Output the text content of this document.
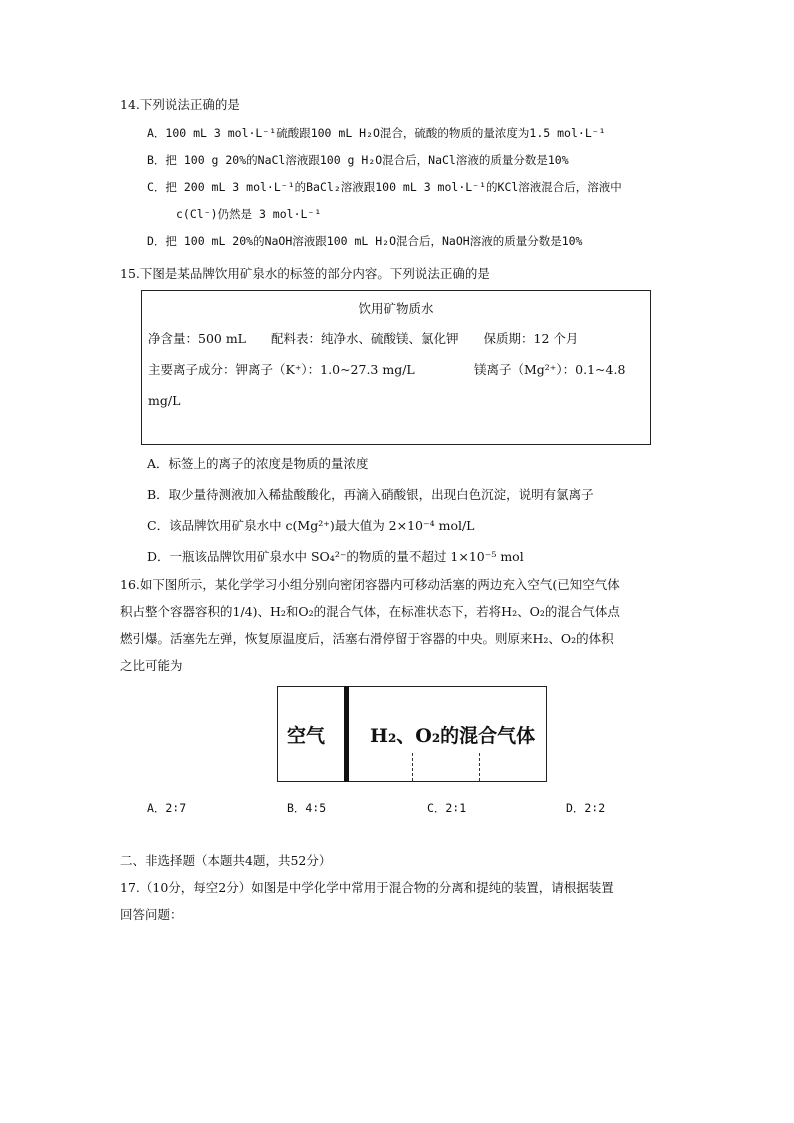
14.下列说法正确的是
A．100 mL 3 mol·L⁻¹硫酸跟100 mL H₂O混合，硫酸的物质的量浓度为1.5 mol·L⁻¹
B．把 100 g 20%的NaCl溶液跟100 g H₂O混合后，NaCl溶液的质量分数是10%
C．把 200 mL 3 mol·L⁻¹的BaCl₂溶液跟100 mL 3 mol·L⁻¹的KCl溶液混合后，溶液中
c(Cl⁻)仍然是 3 mol·L⁻¹
D．把 100 mL 20%的NaOH溶液跟100 mL H₂O混合后，NaOH溶液的质量分数是10%
15.下图是某品牌饮用矿泉水的标签的部分内容。下列说法正确的是
饮用矿物质水
净含量：500 mL　　配料表：纯净水、硫酸镁、氯化钾　　保质期：12 个月
主要离子成分：钾离子（K⁺）：1.0~27.3 mg/L	镁离子（Mg²⁺）：0.1~4.8
mg/L
A．标签上的离子的浓度是物质的量浓度
B．取少量待测液加入稀盐酸酸化，再滴入硝酸银，出现白色沉淀，说明有氯离子
C．该品牌饮用矿泉水中 c(Mg²⁺)最大值为 2×10⁻⁴ mol/L
D．一瓶该品牌饮用矿泉水中 SO₄²⁻的物质的量不超过 1×10⁻⁵ mol
16.如下图所示，某化学学习小组分别向密闭容器内可移动活塞的两边充入空气(已知空气体
积占整个容器容积的1/4)、H₂和O₂的混合气体，在标准状态下，若将H₂、O₂的混合气体点
燃引爆。活塞先左弹，恢复原温度后，活塞右滑停留于容器的中央。则原来H₂、O₂的体积
之比可能为
空气 H₂、O₂的混合气体
A．2∶7	B．4∶5	C．2∶1	D．2∶2
二、非选择题（本题共4题，共52分）
17.（10分，每空2分）如图是中学化学中常用于混合物的分离和提纯的装置，请根据装置
回答问题：
